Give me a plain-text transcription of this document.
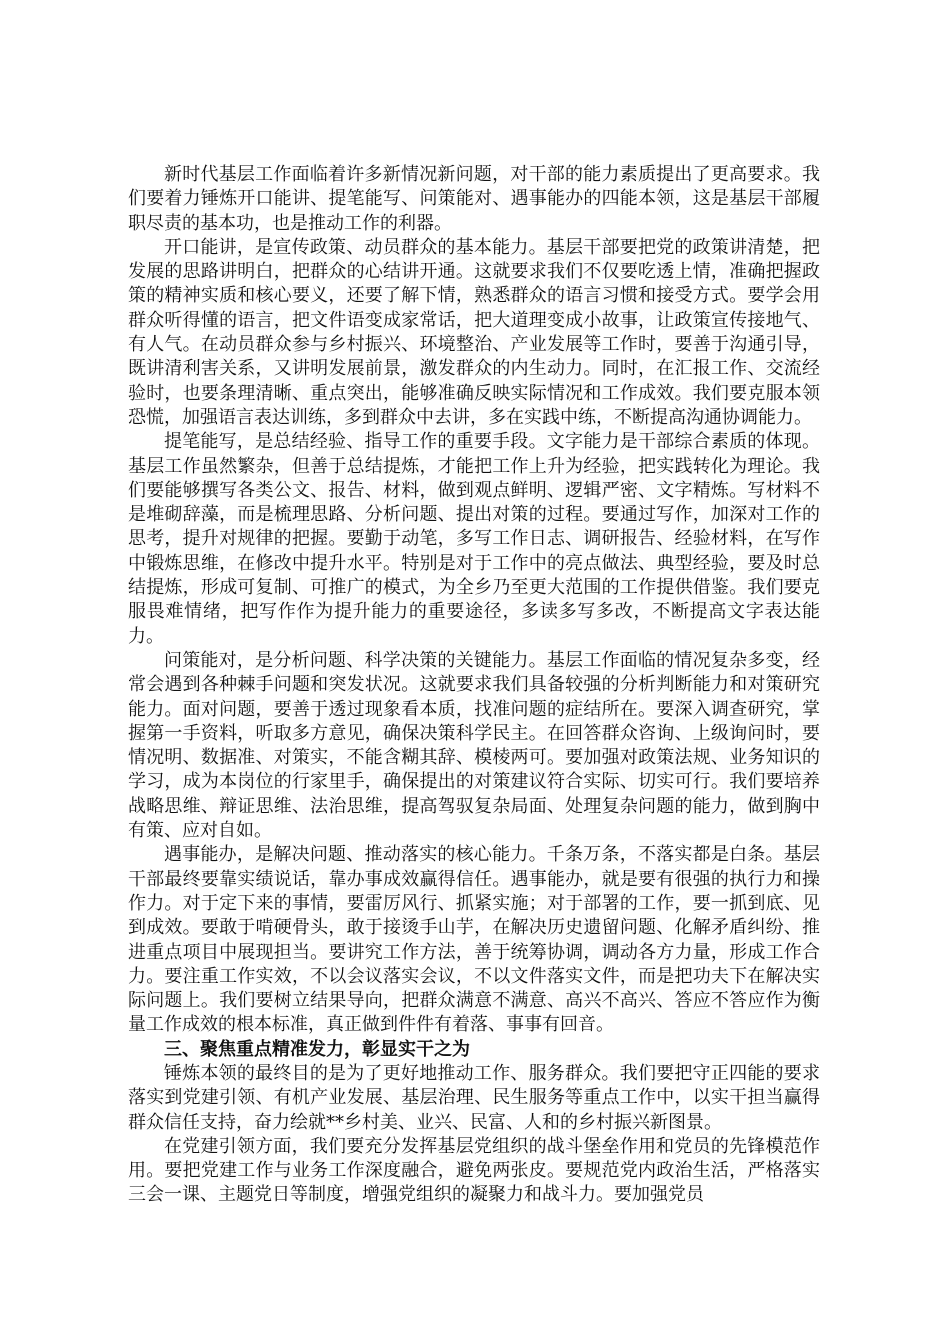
新时代基层工作面临着许多新情况新问题，对干部的能力素质提出了更高要求。我们要着力锤炼开口能讲、提笔能写、问策能对、遇事能办的四能本领，这是基层干部履职尽责的基本功，也是推动工作的利器。

开口能讲，是宣传政策、动员群众的基本能力。基层干部要把党的政策讲清楚，把发展的思路讲明白，把群众的心结讲开通。这就要求我们不仅要吃透上情，准确把握政策的精神实质和核心要义，还要了解下情，熟悉群众的语言习惯和接受方式。要学会用群众听得懂的语言，把文件语变成家常话，把大道理变成小故事，让政策宣传接地气、有人气。在动员群众参与乡村振兴、环境整治、产业发展等工作时，要善于沟通引导，既讲清利害关系，又讲明发展前景，激发群众的内生动力。同时，在汇报工作、交流经验时，也要条理清晰、重点突出，能够准确反映实际情况和工作成效。我们要克服本领恐慌，加强语言表达训练，多到群众中去讲，多在实践中练，不断提高沟通协调能力。

提笔能写，是总结经验、指导工作的重要手段。文字能力是干部综合素质的体现。基层工作虽然繁杂，但善于总结提炼，才能把工作上升为经验，把实践转化为理论。我们要能够撰写各类公文、报告、材料，做到观点鲜明、逻辑严密、文字精炼。写材料不是堆砌辞藻，而是梳理思路、分析问题、提出对策的过程。要通过写作，加深对工作的思考，提升对规律的把握。要勤于动笔，多写工作日志、调研报告、经验材料，在写作中锻炼思维，在修改中提升水平。特别是对于工作中的亮点做法、典型经验，要及时总结提炼，形成可复制、可推广的模式，为全乡乃至更大范围的工作提供借鉴。我们要克服畏难情绪，把写作作为提升能力的重要途径，多读多写多改，不断提高文字表达能力。

问策能对，是分析问题、科学决策的关键能力。基层工作面临的情况复杂多变，经常会遇到各种棘手问题和突发状况。这就要求我们具备较强的分析判断能力和对策研究能力。面对问题，要善于透过现象看本质，找准问题的症结所在。要深入调查研究，掌握第一手资料，听取多方意见，确保决策科学民主。在回答群众咨询、上级询问时，要情况明、数据准、对策实，不能含糊其辞、模棱两可。要加强对政策法规、业务知识的学习，成为本岗位的行家里手，确保提出的对策建议符合实际、切实可行。我们要培养战略思维、辩证思维、法治思维，提高驾驭复杂局面、处理复杂问题的能力，做到胸中有策、应对自如。

遇事能办，是解决问题、推动落实的核心能力。千条万条，不落实都是白条。基层干部最终要靠实绩说话，靠办事成效赢得信任。遇事能办，就是要有很强的执行力和操作力。对于定下来的事情，要雷厉风行、抓紧实施；对于部署的工作，要一抓到底、见到成效。要敢于啃硬骨头，敢于接烫手山芋，在解决历史遗留问题、化解矛盾纠纷、推进重点项目中展现担当。要讲究工作方法，善于统筹协调，调动各方力量，形成工作合力。要注重工作实效，不以会议落实会议，不以文件落实文件，而是把功夫下在解决实际问题上。我们要树立结果导向，把群众满意不满意、高兴不高兴、答应不答应作为衡量工作成效的根本标准，真正做到件件有着落、事事有回音。

三、聚焦重点精准发力，彰显实干之为

锤炼本领的最终目的是为了更好地推动工作、服务群众。我们要把守正四能的要求落实到党建引领、有机产业发展、基层治理、民生服务等重点工作中，以实干担当赢得群众信任支持，奋力绘就**乡村美、业兴、民富、人和的乡村振兴新图景。

在党建引领方面，我们要充分发挥基层党组织的战斗堡垒作用和党员的先锋模范作用。要把党建工作与业务工作深度融合，避免两张皮。要规范党内政治生活，严格落实三会一课、主题党日等制度，增强党组织的凝聚力和战斗力。要加强党员
